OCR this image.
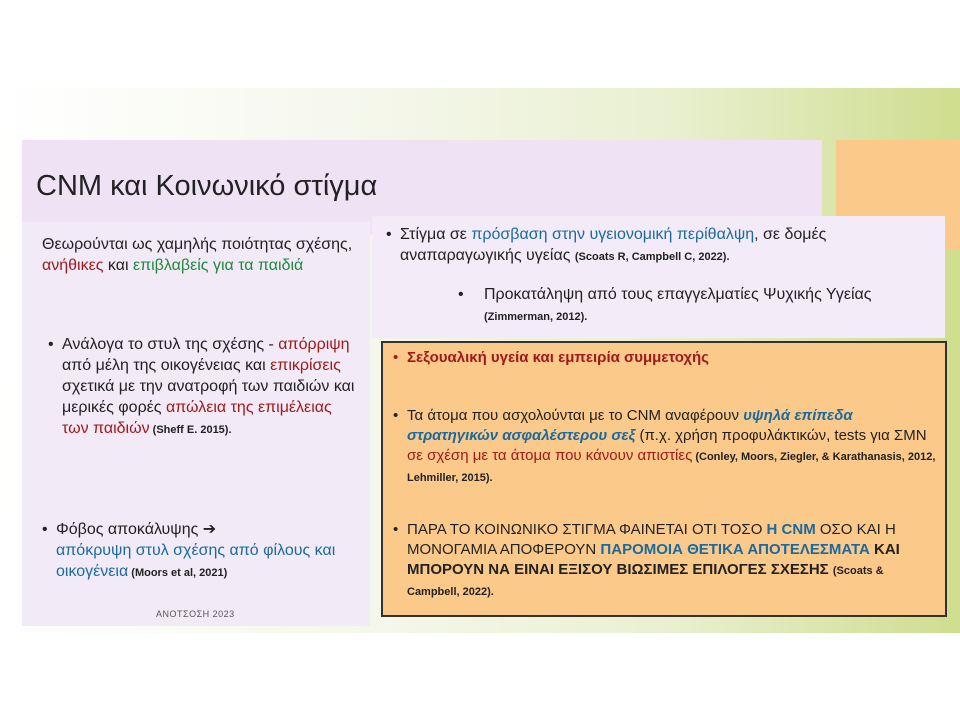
CNM και Κοινωνικό στίγμα
Θεωρούνται ως χαμηλής ποιότητας σχέσης, ανήθικες και επιβλαβείς για τα παιδιά
• Ανάλογα το στυλ της σχέσης - απόρριψη από μέλη της οικογένειας και επικρίσεις σχετικά με την ανατροφή των παιδιών και μερικές φορές απώλεια της επιμέλειας των παιδιών (Sheff E. 2015).
• Φόβος αποκάλυψης ➔
απόκρυψη στυλ σχέσης από φίλους και οικογένεια (Moors et al, 2021)
ΑΝΟΤΣΟΣΗ 2023
• Στίγμα σε πρόσβαση στην υγειονομική περίθαλψη, σε δομές αναπαραγωγικής υγείας (Scoats R, Campbell C, 2022).
• Προκατάληψη από τους επαγγελματίες Ψυχικής Υγείας (Zimmerman, 2012).
• Σεξουαλική υγεία και εμπειρία συμμετοχής
• Τα άτομα που ασχολούνται με το CNM αναφέρουν υψηλά επίπεδα στρατηγικών ασφαλέστερου σεξ (π.χ. χρήση προφυλάκτικών, tests για ΣΜΝ σε σχέση με τα άτομα που κάνουν απιστίες (Conley, Moors, Ziegler, & Karathanasis, 2012, Lehmiller, 2015).
• ΠΑΡΑ ΤΟ ΚΟΙΝΩΝΙΚΟ ΣΤΙΓΜΑ ΦΑΙΝΕΤΑΙ ΟΤΙ ΤΟΣΟ Η CNM ΟΣΟ ΚΑΙ Η ΜΟΝΟΓΑΜΙΑ ΑΠΟΦΕΡΟΥΝ ΠΑΡΟΜΟΙΑ ΘΕΤΙΚΑ ΑΠΟΤΕΛΕΣΜΑΤΑ ΚΑΙ ΜΠΟΡΟΥΝ ΝΑ ΕΙΝΑΙ ΕΞΙΣΟΥ ΒΙΩΣΙΜΕΣ ΕΠΙΛΟΓΕΣ ΣΧΕΣΗΣ (Scoats & Campbell, 2022).
